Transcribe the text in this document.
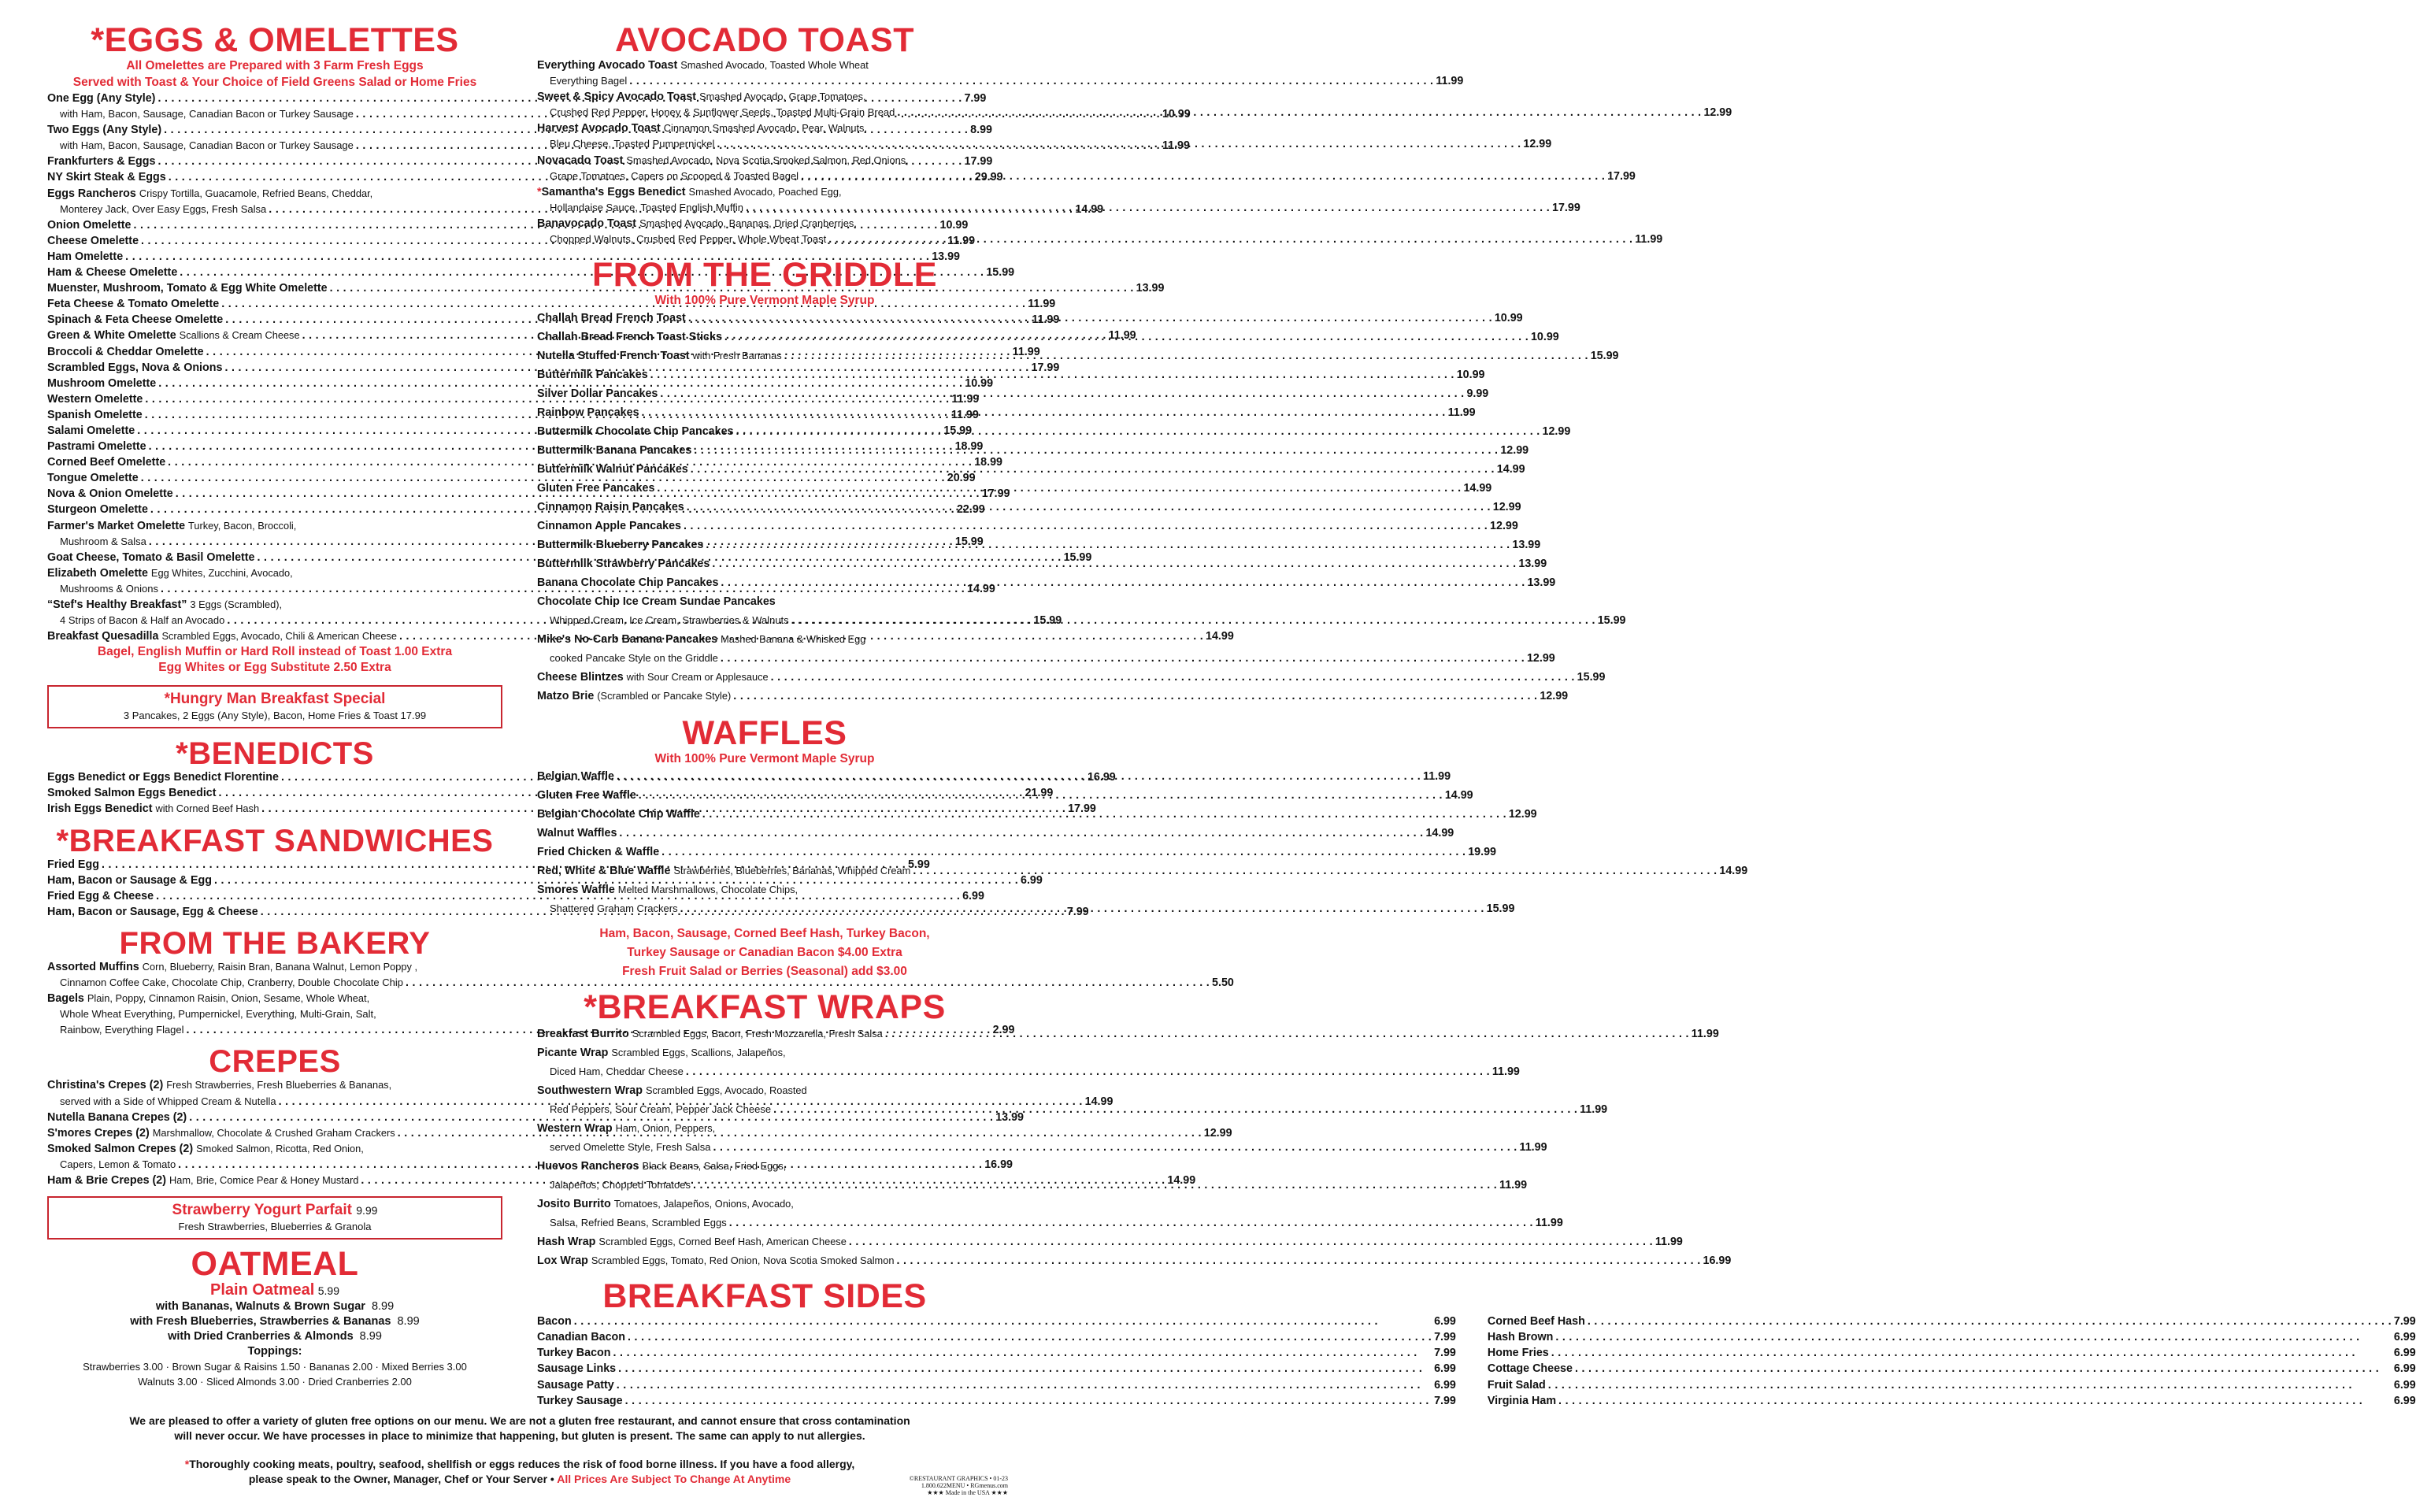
*EGGS & OMELETTES
All Omelettes are Prepared with 3 Farm Fresh Eggs
Served with Toast & Your Choice of Field Greens Salad or Home Fries
One Egg (Any Style) . . .	7.99
with Ham, Bacon, Sausage, Canadian Bacon or Turkey Sausage . . .	10.99
Two Eggs (Any Style) . . .	8.99
with Ham, Bacon, Sausage, Canadian Bacon or Turkey Sausage . . .	11.99
Frankfurters & Eggs . . .	17.99
NY Skirt Steak & Eggs . . .	29.99
Eggs Rancheros Crispy Tortilla, Guacamole, Refried Beans, Cheddar,
Monterey Jack, Over Easy Eggs, Fresh Salsa . . .	14.99
Onion Omelette . . .	10.99
Cheese Omelette . . .	11.99
Ham Omelette . . .	13.99
Ham & Cheese Omelette . . .	15.99
Muenster, Mushroom, Tomato & Egg White Omelette . . .	13.99
Feta Cheese & Tomato Omelette . . .	11.99
Spinach & Feta Cheese Omelette . . .	11.99
Green & White Omelette Scallions & Cream Cheese . . .	11.99
Broccoli & Cheddar Omelette . . .	11.99
Scrambled Eggs, Nova & Onions . . .	17.99
Mushroom Omelette . . .	10.99
Western Omelette . . .	11.99
Spanish Omelette . . .	11.99
Salami Omelette . . .	15.99
Pastrami Omelette . . .	18.99
Corned Beef Omelette . . .	18.99
Tongue Omelette . . .	20.99
Nova & Onion Omelette . . .	17.99
Sturgeon Omelette . . .	22.99
Farmer's Market Omelette Turkey, Bacon, Broccoli,
Mushroom & Salsa . . .	15.99
Goat Cheese, Tomato & Basil Omelette . . .	15.99
Elizabeth Omelette Egg Whites, Zucchini, Avocado,
Mushrooms & Onions . . .	14.99
“Stef's Healthy Breakfast” 3 Eggs (Scrambled),
4 Strips of Bacon & Half an Avocado . . .	15.99
Breakfast Quesadilla Scrambled Eggs, Avocado, Chili & American Cheese . . .	14.99
Bagel, English Muffin or Hard Roll instead of Toast 1.00 Extra
Egg Whites or Egg Substitute 2.50 Extra
*Hungry Man Breakfast Special
3 Pancakes, 2 Eggs (Any Style), Bacon, Home Fries & Toast 17.99
*BENEDICTS
Eggs Benedict or Eggs Benedict Florentine . . .	16.99
Smoked Salmon Eggs Benedict . . .	21.99
Irish Eggs Benedict with Corned Beef Hash . . .	17.99
*BREAKFAST SANDWICHES
Fried Egg . . .	5.99
Ham, Bacon or Sausage & Egg . . .	6.99
Fried Egg & Cheese . . .	6.99
Ham, Bacon or Sausage, Egg & Cheese . . .	7.99
FROM THE BAKERY
Assorted Muffins Corn, Blueberry, Raisin Bran, Banana Walnut, Lemon Poppy ,
Cinnamon Coffee Cake, Chocolate Chip, Cranberry, Double Chocolate Chip . . .	5.50
Bagels Plain, Poppy, Cinnamon Raisin, Onion, Sesame, Whole Wheat,
Whole Wheat Everything, Pumpernickel, Everything, Multi-Grain, Salt,
Rainbow, Everything Flagel . . .	2.99
CREPES
Christina's Crepes (2) Fresh Strawberries, Fresh Blueberries & Bananas,
served with a Side of Whipped Cream & Nutella . . .	14.99
Nutella Banana Crepes (2) . . .	13.99
S'mores Crepes (2) Marshmallow, Chocolate & Crushed Graham Crackers . . .	12.99
Smoked Salmon Crepes (2) Smoked Salmon, Ricotta, Red Onion,
Capers, Lemon & Tomato . . .	16.99
Ham & Brie Crepes (2) Ham, Brie, Comice Pear & Honey Mustard . . .	14.99
Strawberry Yogurt Parfait 9.99
Fresh Strawberries, Blueberries & Granola
OATMEAL
Plain Oatmeal 5.99
with Bananas, Walnuts & Brown Sugar 8.99
with Fresh Blueberries, Strawberries & Bananas 8.99
with Dried Cranberries & Almonds 8.99
Toppings:
Strawberries 3.00 · Brown Sugar & Raisins 1.50 · Bananas 2.00 · Mixed Berries 3.00
Walnuts 3.00 · Sliced Almonds 3.00 · Dried Cranberries 2.00
AVOCADO TOAST
Everything Avocado Toast Smashed Avocado, Toasted Whole Wheat
Everything Bagel . . .	11.99
Sweet & Spicy Avocado Toast Smashed Avocado, Grape Tomatoes,
Crushed Red Pepper, Honey & Sunflower Seeds, Toasted Multi-Grain Bread . . .	12.99
Harvest Avocado Toast Cinnamon Smashed Avocado, Pear, Walnuts,
Bleu Cheese, Toasted Pumpernickel . . .	12.99
Novacado Toast Smashed Avocado, Nova Scotia Smoked Salmon, Red Onions,
Grape Tomatoes, Capers on Scooped & Toasted Bagel . . .	17.99
*Samantha's Eggs Benedict Smashed Avocado, Poached Egg,
Hollandaise Sauce, Toasted English Muffin . . .	17.99
Banavocado Toast Smashed Avocado, Bananas, Dried Cranberries,
Chopped Walnuts, Crushed Red Pepper, Whole Wheat Toast . . .	11.99
FROM THE GRIDDLE
With 100% Pure Vermont Maple Syrup
Challah Bread French Toast . . .	10.99
Challah Bread French Toast Sticks . . .	10.99
Nutella Stuffed French Toast with Fresh Bananas . . .	15.99
Buttermilk Pancakes . . .	10.99
Silver Dollar Pancakes . . .	9.99
Rainbow Pancakes . . .	11.99
Buttermilk Chocolate Chip Pancakes . . .	12.99
Buttermilk Banana Pancakes . . .	12.99
Buttermilk Walnut Pancakes . . .	14.99
Gluten Free Pancakes . . .	14.99
Cinnamon Raisin Pancakes . . .	12.99
Cinnamon Apple Pancakes . . .	12.99
Buttermilk Blueberry Pancakes . . .	13.99
Buttermilk Strawberry Pancakes . . .	13.99
Banana Chocolate Chip Pancakes . . .	13.99
Chocolate Chip Ice Cream Sundae Pancakes
Whipped Cream, Ice Cream, Strawberries & Walnuts . . .	15.99
Mike's No-Carb Banana Pancakes Mashed Banana & Whisked Egg
cooked Pancake Style on the Griddle . . .	12.99
Cheese Blintzes with Sour Cream or Applesauce . . .	15.99
Matzo Brie (Scrambled or Pancake Style) . . .	12.99
WAFFLES
With 100% Pure Vermont Maple Syrup
Belgian Waffle . . .	11.99
Gluten Free Waffle . . .	14.99
Belgian Chocolate Chip Waffle . . .	12.99
Walnut Waffles . . .	14.99
Fried Chicken & Waffle . . .	19.99
Red, White & Blue Waffle Strawberries, Blueberries, Bananas, Whipped Cream . . .	14.99
Smores Waffle Melted Marshmallows, Chocolate Chips,
Shattered Graham Crackers . . .	15.99
Ham, Bacon, Sausage, Corned Beef Hash, Turkey Bacon,
Turkey Sausage or Canadian Bacon $4.00 Extra
Fresh Fruit Salad or Berries (Seasonal) add $3.00
*BREAKFAST WRAPS
Breakfast Burrito Scrambled Eggs, Bacon, Fresh Mozzarella, Fresh Salsa . . .	11.99
Picante Wrap Scrambled Eggs, Scallions, Jalapeños,
Diced Ham, Cheddar Cheese . . .	11.99
Southwestern Wrap Scrambled Eggs, Avocado, Roasted
Red Peppers, Sour Cream, Pepper Jack Cheese . . .	11.99
Western Wrap Ham, Onion, Peppers,
served Omelette Style, Fresh Salsa . . .	11.99
Huevos Rancheros Black Beans, Salsa, Fried Eggs,
Jalapeños, Chopped Tomatoes . . .	11.99
Josito Burrito Tomatoes, Jalapeños, Onions, Avocado,
Salsa, Refried Beans, Scrambled Eggs . . .	11.99
Hash Wrap Scrambled Eggs, Corned Beef Hash, American Cheese . . .	11.99
Lox Wrap Scrambled Eggs, Tomato, Red Onion, Nova Scotia Smoked Salmon . . .	16.99
BREAKFAST SIDES
Bacon . . .	6.99
Canadian Bacon . . .	7.99
Turkey Bacon . . .	7.99
Sausage Links . . .	6.99
Sausage Patty . . .	6.99
Turkey Sausage . . .	7.99
Corned Beef Hash . . .	7.99
Hash Brown . . .	6.99
Home Fries . . .	6.99
Cottage Cheese . . .	6.99
Fruit Salad . . .	6.99
Virginia Ham . . .	6.99
We are pleased to offer a variety of gluten free options on our menu. We are not a gluten free restaurant, and cannot ensure that cross contamination
will never occur. We have processes in place to minimize that happening, but gluten is present. The same can apply to nut allergies.
*Thoroughly cooking meats, poultry, seafood, shellfish or eggs reduces the risk of food borne illness. If you have a food allergy,
please speak to the Owner, Manager, Chef or Your Server • All Prices Are Subject To Change At Anytime	©RESTAURANT GRAPHICS • 01-23
1.800.622MENU • RGmenus.com
★★★ Made in the USA ★★★
